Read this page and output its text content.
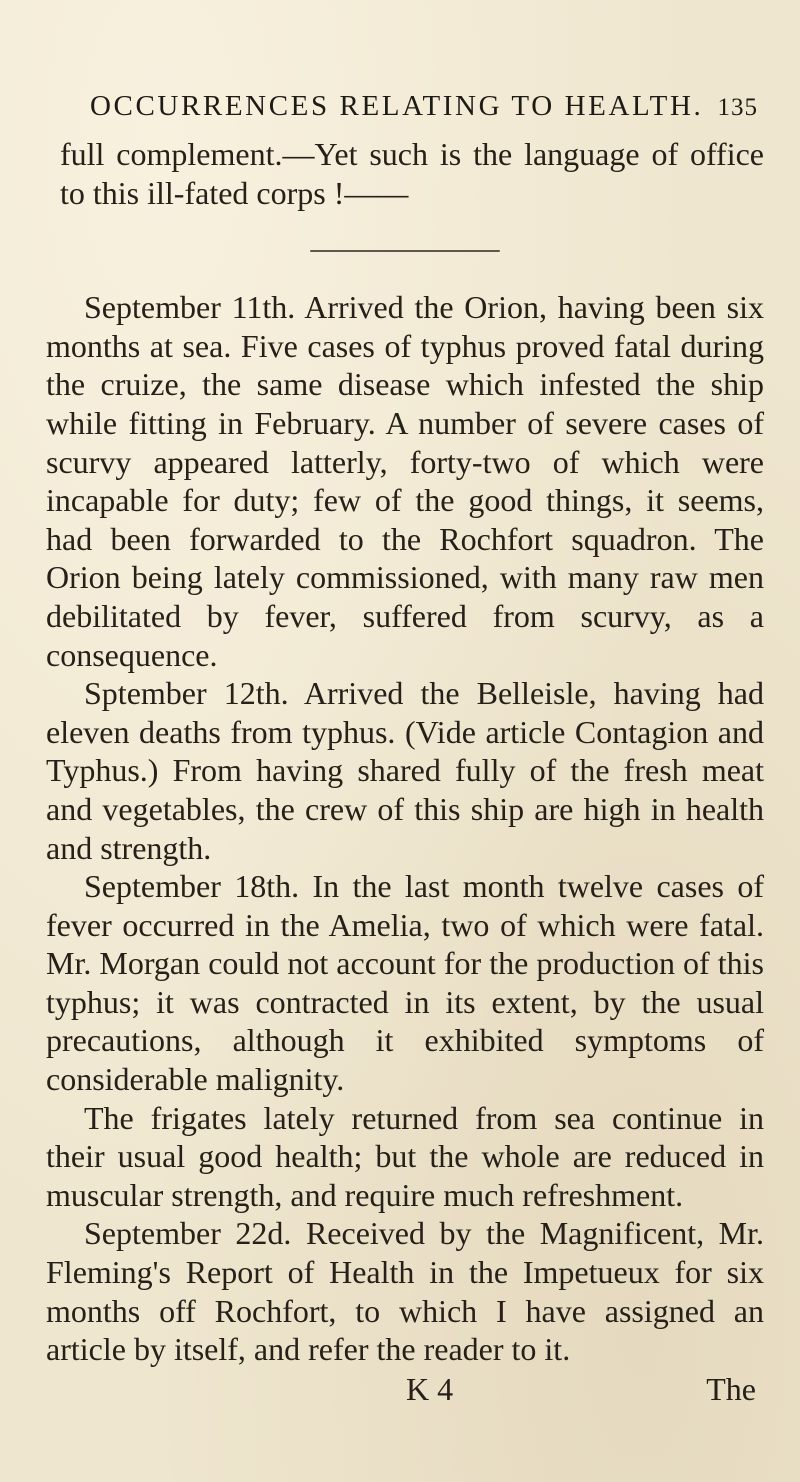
OCCURRENCES RELATING TO HEALTH. 135

full complement.—Yet such is the language of office to this ill-fated corps !——

September 11th. Arrived the Orion, having been six months at sea. Five cases of typhus proved fatal during the cruize, the same disease which infested the ship while fitting in February. A number of severe cases of scurvy appeared latterly, forty-two of which were incapable for duty; few of the good things, it seems, had been forwarded to the Rochfort squadron. The Orion being lately commissioned, with many raw men debilitated by fever, suffered from scurvy, as a consequence.

Sptember 12th. Arrived the Belleisle, having had eleven deaths from typhus. (Vide article Contagion and Typhus.) From having shared fully of the fresh meat and vegetables, the crew of this ship are high in health and strength.

September 18th. In the last month twelve cases of fever occurred in the Amelia, two of which were fatal. Mr. Morgan could not account for the production of this typhus; it was contracted in its extent, by the usual precautions, although it exhibited symptoms of considerable malignity.

The frigates lately returned from sea continue in their usual good health; but the whole are reduced in muscular strength, and require much refreshment.

September 22d. Received by the Magnificent, Mr. Fleming's Report of Health in the Impetueux for six months off Rochfort, to which I have assigned an article by itself, and refer the reader to it.

K 4	The
